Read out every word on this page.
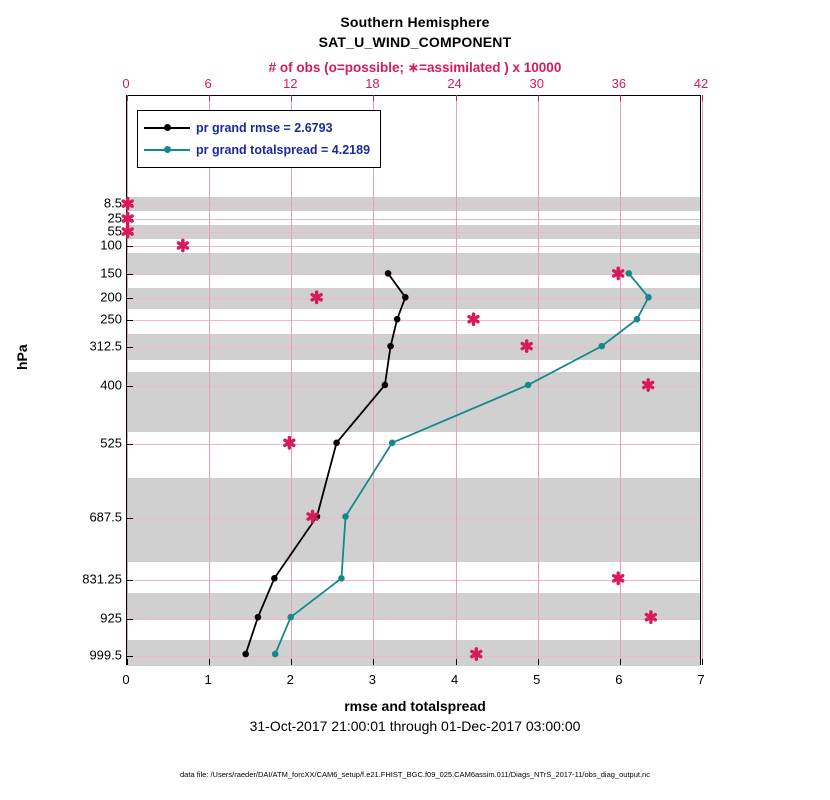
Southern Hemisphere
SAT_U_WIND_COMPONENT
# of obs (o=possible; ∗=assimilated ) x 10000
pr grand rmse = 2.6793
pr grand totalspread = 4.2189
0	1	2	3	4	5	6	7
0	6	12	18	24	30	36	42
8.5
25
55
100
150
200
250
312.5
400
525
687.5
831.25
925
999.5
hPa
rmse and totalspread
31-Oct-2017 21:00:01 through 01-Dec-2017 03:00:00
data file: /Users/raeder/DAI/ATM_forcXX/CAM6_setup/f.e21.FHIST_BGC.f09_025.CAM6assim.011/Diags_NTrS_2017-11/obs_diag_output.nc
